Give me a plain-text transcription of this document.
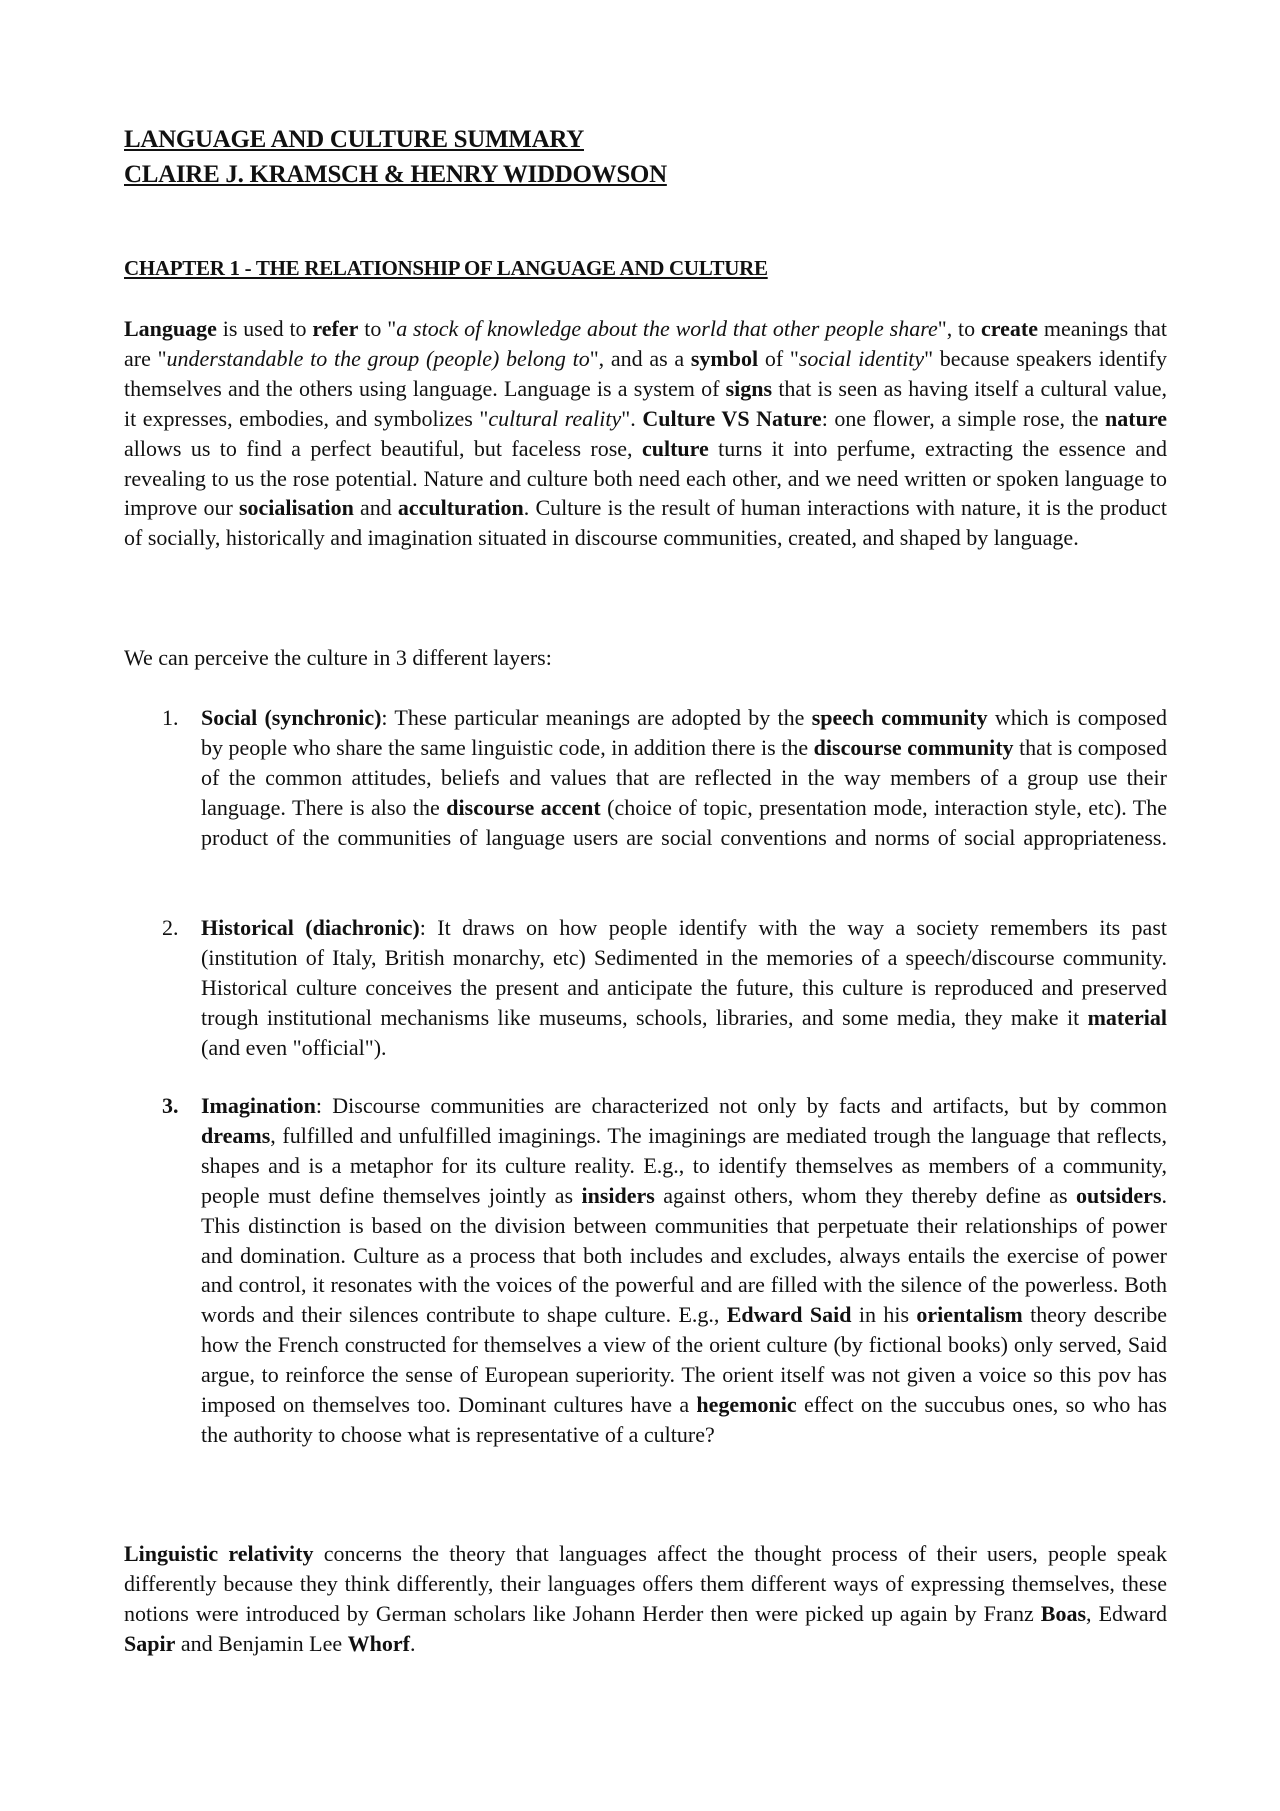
LANGUAGE AND CULTURE SUMMARY
CLAIRE J. KRAMSCH & HENRY WIDDOWSON
CHAPTER 1 - THE RELATIONSHIP OF LANGUAGE AND CULTURE
Language is used to refer to "a stock of knowledge about the world that other people share", to create meanings that are "understandable to the group (people) belong to", and as a symbol of "social identity" because speakers identify themselves and the others using language. Language is a system of signs that is seen as having itself a cultural value, it expresses, embodies, and symbolizes "cultural reality". Culture VS Nature: one flower, a simple rose, the nature allows us to find a perfect beautiful, but faceless rose, culture turns it into perfume, extracting the essence and revealing to us the rose potential. Nature and culture both need each other, and we need written or spoken language to improve our socialisation and acculturation. Culture is the result of human interactions with nature, it is the product of socially, historically and imagination situated in discourse communities, created, and shaped by language.
We can perceive the culture in 3 different layers:
1. Social (synchronic): These particular meanings are adopted by the speech community which is composed by people who share the same linguistic code, in addition there is the discourse community that is composed of the common attitudes, beliefs and values that are reflected in the way members of a group use their language. There is also the discourse accent (choice of topic, presentation mode, interaction style, etc). The product of the communities of language users are social conventions and norms of social appropriateness.
2. Historical (diachronic): It draws on how people identify with the way a society remembers its past (institution of Italy, British monarchy, etc) Sedimented in the memories of a speech/discourse community. Historical culture conceives the present and anticipate the future, this culture is reproduced and preserved trough institutional mechanisms like museums, schools, libraries, and some media, they make it material (and even "official").
3. Imagination: Discourse communities are characterized not only by facts and artifacts, but by common dreams, fulfilled and unfulfilled imaginings. The imaginings are mediated trough the language that reflects, shapes and is a metaphor for its culture reality. E.g., to identify themselves as members of a community, people must define themselves jointly as insiders against others, whom they thereby define as outsiders. This distinction is based on the division between communities that perpetuate their relationships of power and domination. Culture as a process that both includes and excludes, always entails the exercise of power and control, it resonates with the voices of the powerful and are filled with the silence of the powerless. Both words and their silences contribute to shape culture. E.g., Edward Said in his orientalism theory describe how the French constructed for themselves a view of the orient culture (by fictional books) only served, Said argue, to reinforce the sense of European superiority. The orient itself was not given a voice so this pov has imposed on themselves too. Dominant cultures have a hegemonic effect on the succubus ones, so who has the authority to choose what is representative of a culture?
Linguistic relativity concerns the theory that languages affect the thought process of their users, people speak differently because they think differently, their languages offers them different ways of expressing themselves, these notions were introduced by German scholars like Johann Herder then were picked up again by Franz Boas, Edward Sapir and Benjamin Lee Whorf.
